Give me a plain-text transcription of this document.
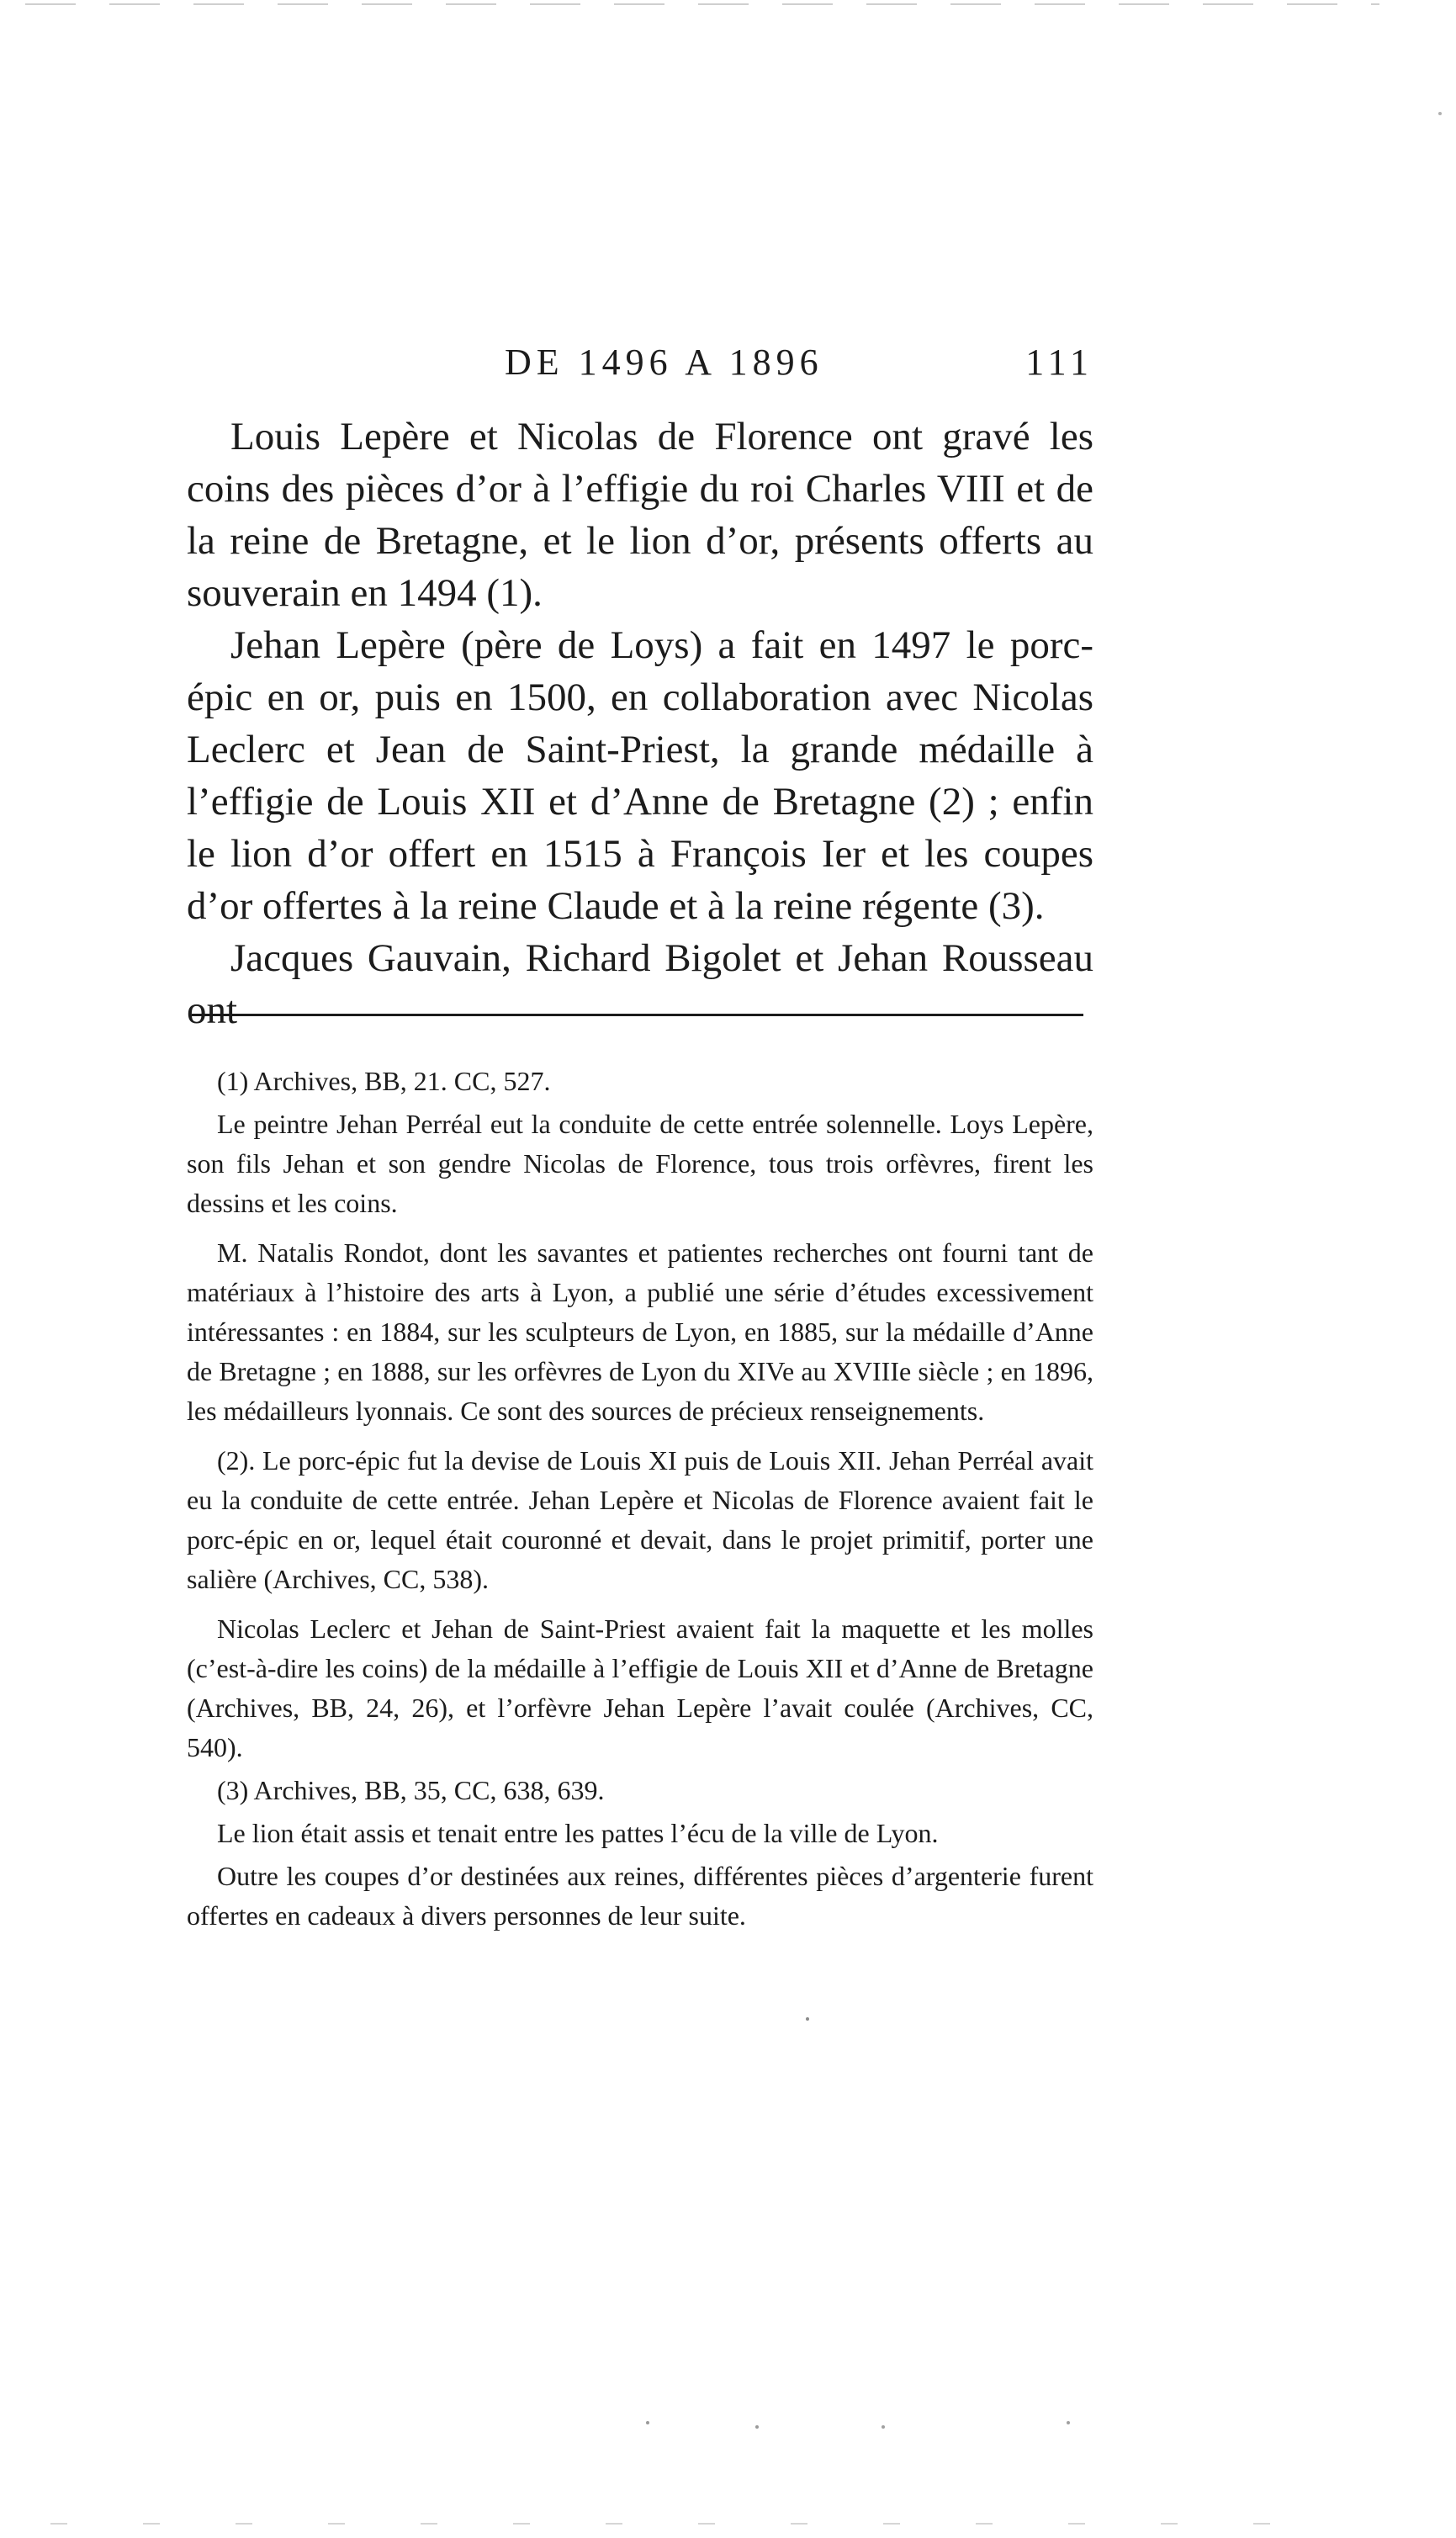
DE 1496 A 1896	111

Louis Lepère et Nicolas de Florence ont gravé les coins des pièces d’or à l’effigie du roi Charles VIII et de la reine de Bretagne, et le lion d’or, présents offerts au souverain en 1494 (1).

Jehan Lepère (père de Loys) a fait en 1497 le porc-épic en or, puis en 1500, en collaboration avec Nicolas Leclerc et Jean de Saint-Priest, la grande médaille à l’effigie de Louis XII et d’Anne de Bretagne (2) ; enfin le lion d’or offert en 1515 à François Ier et les coupes d’or offertes à la reine Claude et à la reine régente (3).

Jacques Gauvain, Richard Bigolet et Jehan Rousseau ont

(1) Archives, BB, 21. CC, 527.

Le peintre Jehan Perréal eut la conduite de cette entrée solennelle. Loys Lepère, son fils Jehan et son gendre Nicolas de Florence, tous trois orfèvres, firent les dessins et les coins.

M. Natalis Rondot, dont les savantes et patientes recherches ont fourni tant de matériaux à l’histoire des arts à Lyon, a publié une série d’études excessivement intéressantes : en 1884, sur les sculpteurs de Lyon, en 1885, sur la médaille d’Anne de Bretagne ; en 1888, sur les orfèvres de Lyon du XIVe au XVIIIe siècle ; en 1896, les médailleurs lyonnais. Ce sont des sources de précieux renseignements.

(2). Le porc-épic fut la devise de Louis XI puis de Louis XII. Jehan Perréal avait eu la conduite de cette entrée. Jehan Lepère et Nicolas de Florence avaient fait le porc-épic en or, lequel était couronné et devait, dans le projet primitif, porter une salière (Archives, CC, 538).

Nicolas Leclerc et Jehan de Saint-Priest avaient fait la maquette et les molles (c’est-à-dire les coins) de la médaille à l’effigie de Louis XII et d’Anne de Bretagne (Archives, BB, 24, 26), et l’orfèvre Jehan Lepère l’avait coulée (Archives, CC, 540).

(3) Archives, BB, 35, CC, 638, 639.

Le lion était assis et tenait entre les pattes l’écu de la ville de Lyon.

Outre les coupes d’or destinées aux reines, différentes pièces d’argenterie furent offertes en cadeaux à divers personnes de leur suite.
